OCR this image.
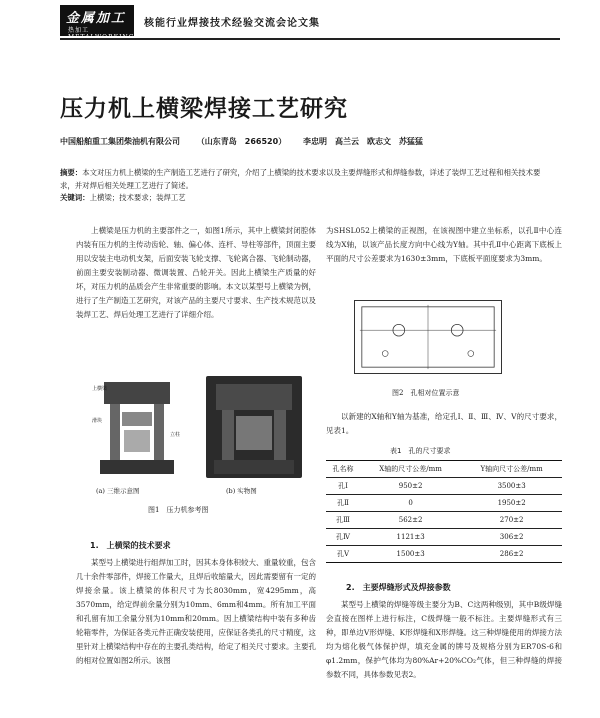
金属加工
热加工
核能行业焊接技术经验交流会论文集
压力机上横梁焊接工艺研究
中国船舶重工集团柴油机有限公司 （山东青岛　266520） 李忠明　高兰云　欧志文　苏猛猛
摘要：本文对压力机上横梁的生产制造工艺进行了研究，介绍了上横梁的技术要求以及主要焊缝形式和焊缝参数，详述了装焊工艺过程和相关技术要求，并对焊后相关处理工艺进行了简述。
关键词：上横梁；技术要求；装焊工艺

上横梁是压力机的主要部件之一，如图1所示，其中上横梁封闭腔体内装有压力机的主传动齿轮、轴、偏心体、连杆、导柱等部件，顶面主要用以安装主电动机支架，后面安装飞轮支撑、飞轮离合器、飞轮制动器，前面主要安装制动器、微调装置、凸轮开关。因此上横梁生产质量的好坏，对压力机的品质会产生非常重要的影响。本文以某型号上横梁为例，进行了生产制造工艺研究，对该产品的主要尺寸要求、生产技术规范以及装焊工艺、焊后处理工艺进行了详细介绍。

滑块
上横梁
立柱
(a) 三维示意图	(b) 实物图
图1　压力机参考图
1.　上横梁的技术要求

某型号上横梁进行组焊加工时，因其本身体积较大、重量较重，包含几十余件零部件，焊接工作量大，且焊后收缩量大，因此需要留有一定的焊接余量。该上横梁的体积尺寸为长8030mm，宽4295mm，高3570mm，给定焊前余量分别为10mm、6mm和4mm。所有加工平面和孔留有加工余量分别为10mm和20mm。因上横梁结构中装有多种齿轮箱零件，为保证各类元件正确安装使用，应保证各类孔的尺寸精度，这里针对上横梁结构中存在的主要孔类结构，给定了相关尺寸要求。主要孔的相对位置如图2所示。该图

为SHSL052上横梁的正视图，在该视图中建立坐标系，以孔Ⅱ中心连线为X轴，以该产品长度方向中心线为Y轴。其中孔Ⅱ中心距离下底板上平面的尺寸公差要求为1630±3mm，下底板平面度要求为3mm。

图2　孔相对位置示意

以新建的X轴和Y轴为基准，给定孔Ⅰ、Ⅱ、Ⅲ、Ⅳ、Ⅴ的尺寸要求，见表1。

表1　孔的尺寸要求
孔名称	X轴的尺寸公差/mm	Y轴向尺寸公差/mm
孔Ⅰ	950±2	3500±3
孔Ⅱ	0	1950±2
孔Ⅲ	562±2	270±2
孔Ⅳ	1121±3	306±2
孔Ⅴ	1500±3	286±2
2.　主要焊缝形式及焊接参数

某型号上横梁的焊缝等级主要分为B、C这两种级别，其中B级焊缝会直接在图样上进行标注，C级焊缝一般不标注。主要焊缝形式有三种，即单边V形焊缝、K形焊缝和X形焊缝。这三种焊缝使用的焊接方法均为熔化极气体保护焊，填充金属的牌号及规格分别为ER70S-6和φ1.2mm，保护气体均为80%Ar+20%CO₂气体，但三种焊缝的焊接参数不同，具体参数见表2。
